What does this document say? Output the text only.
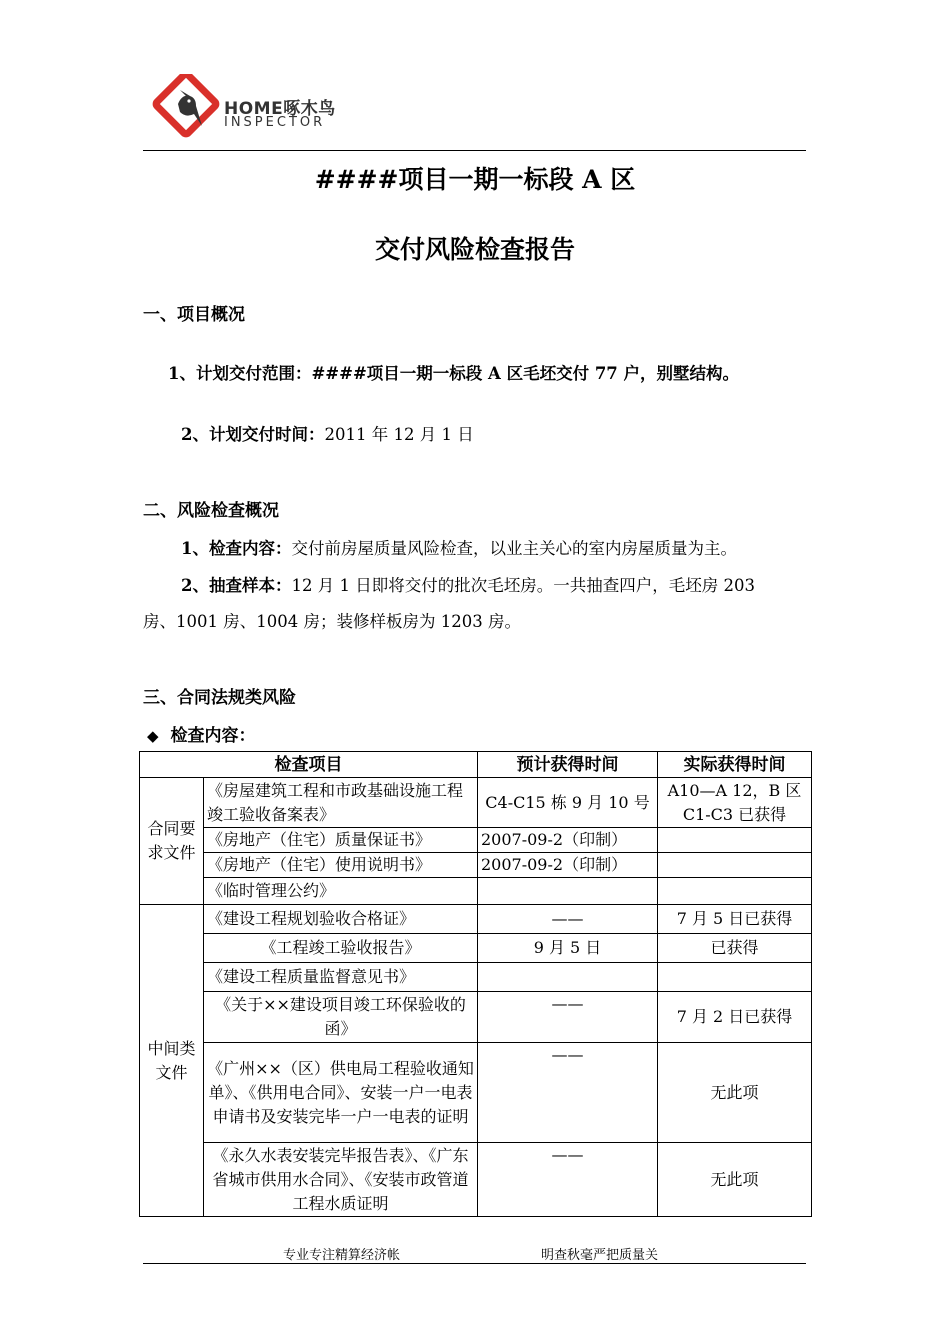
HOME啄木鸟
INSPECTOR
####项目一期一标段 A 区
交付风险检查报告
一、项目概况
1、计划交付范围：####项目一期一标段 A 区毛坯交付 77 户，别墅结构。
2、计划交付时间：2011 年 12 月 1 日
二、风险检查概况
1、检查内容：交付前房屋质量风险检查，以业主关心的室内房屋质量为主。
2、抽查样本：12 月 1 日即将交付的批次毛坯房。一共抽查四户，毛坯房 203
房、1001 房、1004 房；装修样板房为 1203 房。
三、合同法规类风险
◆ 检查内容：
检查项目		预计获得时间	实际获得时间
合同要求文件	《房屋建筑工程和市政基础设施工程竣工验收备案表》	C4-C15 栋 9 月 10 号	A10—A 12，B 区 C1-C3 已获得
	《房地产（住宅）质量保证书》	2007-09-2（印制）	
	《房地产（住宅）使用说明书》	2007-09-2（印制）	
	《临时管理公约》		
中间类文件	《建设工程规划验收合格证》	——	7 月 5 日已获得
	《工程竣工验收报告》	9 月 5 日	已获得
	《建设工程质量监督意见书》		
	《关于××建设项目竣工环保验收的函》	——	7 月 2 日已获得
	《广州××（区）供电局工程验收通知单》、《供用电合同》、安装一户一电表申请书及安装完毕一户一电表的证明	——	无此项
	《永久水表安装完毕报告表》、《广东省城市供用水合同》、《安装市政管道工程水质证明	——	无此项
专业专注精算经济帐	明查秋毫严把质量关
